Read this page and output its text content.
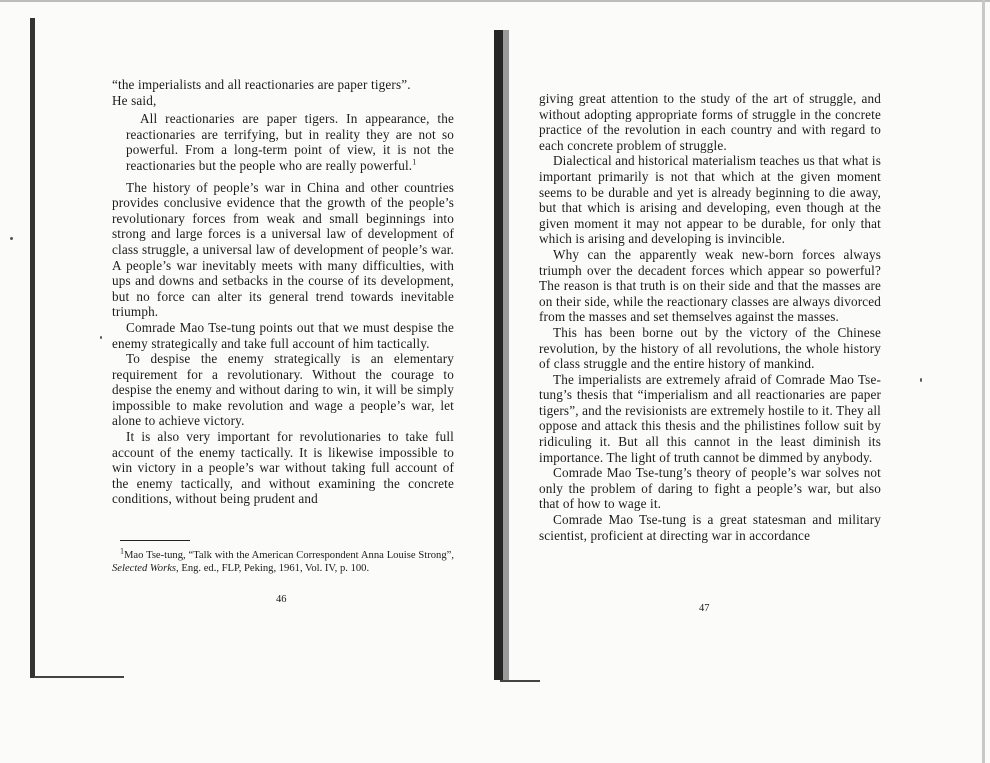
“the imperialists and all reactionaries are paper tigers”.

He said,

All reactionaries are paper tigers. In appearance, the reactionaries are terrifying, but in reality they are not so powerful. From a long-term point of view, it is not the reactionaries but the people who are really powerful.$^1$

The history of people’s war in China and other countries provides conclusive evidence that the growth of the people’s revolutionary forces from weak and small beginnings into strong and large forces is a universal law of development of class struggle, a universal law of development of people’s war. A people’s war inevitably meets with many difficulties, with ups and downs and setbacks in the course of its development, but no force can alter its general trend towards inevitable triumph.

Comrade Mao Tse-tung points out that we must despise the enemy strategically and take full account of him tactically.

To despise the enemy strategically is an elementary requirement for a revolutionary. Without the courage to despise the enemy and without daring to win, it will be simply impossible to make revolution and wage a people’s war, let alone to achieve victory.

It is also very important for revolutionaries to take full account of the enemy tactically. It is likewise impossible to win victory in a people’s war without taking full account of the enemy tactically, and without examining the concrete conditions, without being prudent and

$^1$Mao Tse-tung, “Talk with the American Correspondent Anna Louise Strong”, Selected Works, Eng. ed., FLP, Peking, 1961, Vol. IV, p. 100.
46

giving great attention to the study of the art of struggle, and without adopting appropriate forms of struggle in the concrete practice of the revolution in each country and with regard to each concrete problem of struggle.

Dialectical and historical materialism teaches us that what is important primarily is not that which at the given moment seems to be durable and yet is already beginning to die away, but that which is arising and developing, even though at the given moment it may not appear to be durable, for only that which is arising and developing is invincible.

Why can the apparently weak new-born forces always triumph over the decadent forces which appear so powerful? The reason is that truth is on their side and that the masses are on their side, while the reactionary classes are always divorced from the masses and set themselves against the masses.

This has been borne out by the victory of the Chinese revolution, by the history of all revolutions, the whole history of class struggle and the entire history of mankind.

The imperialists are extremely afraid of Comrade Mao Tse-tung’s thesis that “imperialism and all reactionaries are paper tigers”, and the revisionists are extremely hostile to it. They all oppose and attack this thesis and the philistines follow suit by ridiculing it. But all this cannot in the least diminish its importance. The light of truth cannot be dimmed by anybody.

Comrade Mao Tse-tung’s theory of people’s war solves not only the problem of daring to fight a people’s war, but also that of how to wage it.

Comrade Mao Tse-tung is a great statesman and military scientist, proficient at directing war in accordance

47
